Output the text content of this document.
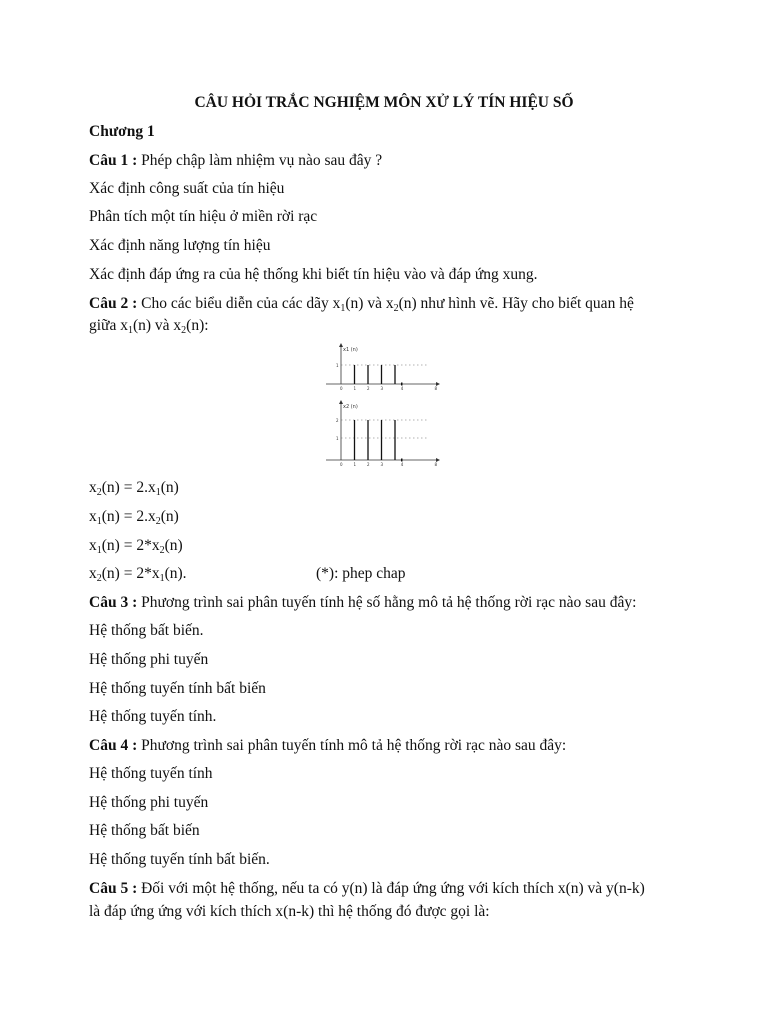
CÂU HỎI TRẮC NGHIỆM MÔN XỬ LÝ TÍN HIỆU SỐ
Chương 1
Câu 1 : Phép chập làm nhiệm vụ nào sau đây ?
Xác định công suất của tín hiệu
Phân tích một tín hiệu ở miền rời rạc
Xác định năng lượng tín hiệu
Xác định đáp ứng ra của hệ thống khi biết tín hiệu vào và đáp ứng xung.
Câu 2 : Cho các biểu diễn của các dãy $x_1(n)$ và $x_2(n)$ như hình vẽ. Hãy cho biết quan hệ
giữa $x_1(n)$ và $x_2(n)$:
x1 (n)
1
0	1	2	3	4	8
x2 (n)
2
1
0	1	2	3	4	8
$x_2(n) = 2.x_1(n)$
$x_1(n) = 2.x_2(n)$
$x_1(n) = 2*x_2(n)$
$x_2(n) = 2*x_1(n)$.	(*): phep chap
Câu 3 : Phương trình sai phân tuyến tính hệ số hằng mô tả hệ thống rời rạc nào sau đây:
Hệ thống bất biến.
Hệ thống phi tuyến
Hệ thống tuyến tính bất biến
Hệ thống tuyến tính.
Câu 4 : Phương trình sai phân tuyến tính mô tả hệ thống rời rạc nào sau đây:
Hệ thống tuyến tính
Hệ thống phi tuyến
Hệ thống bất biến
Hệ thống tuyến tính bất biến.
Câu 5 : Đối với một hệ thống, nếu ta có y(n) là đáp ứng ứng với kích thích x(n) và y(n-k)
là đáp ứng ứng với kích thích x(n-k) thì hệ thống đó được gọi là:
